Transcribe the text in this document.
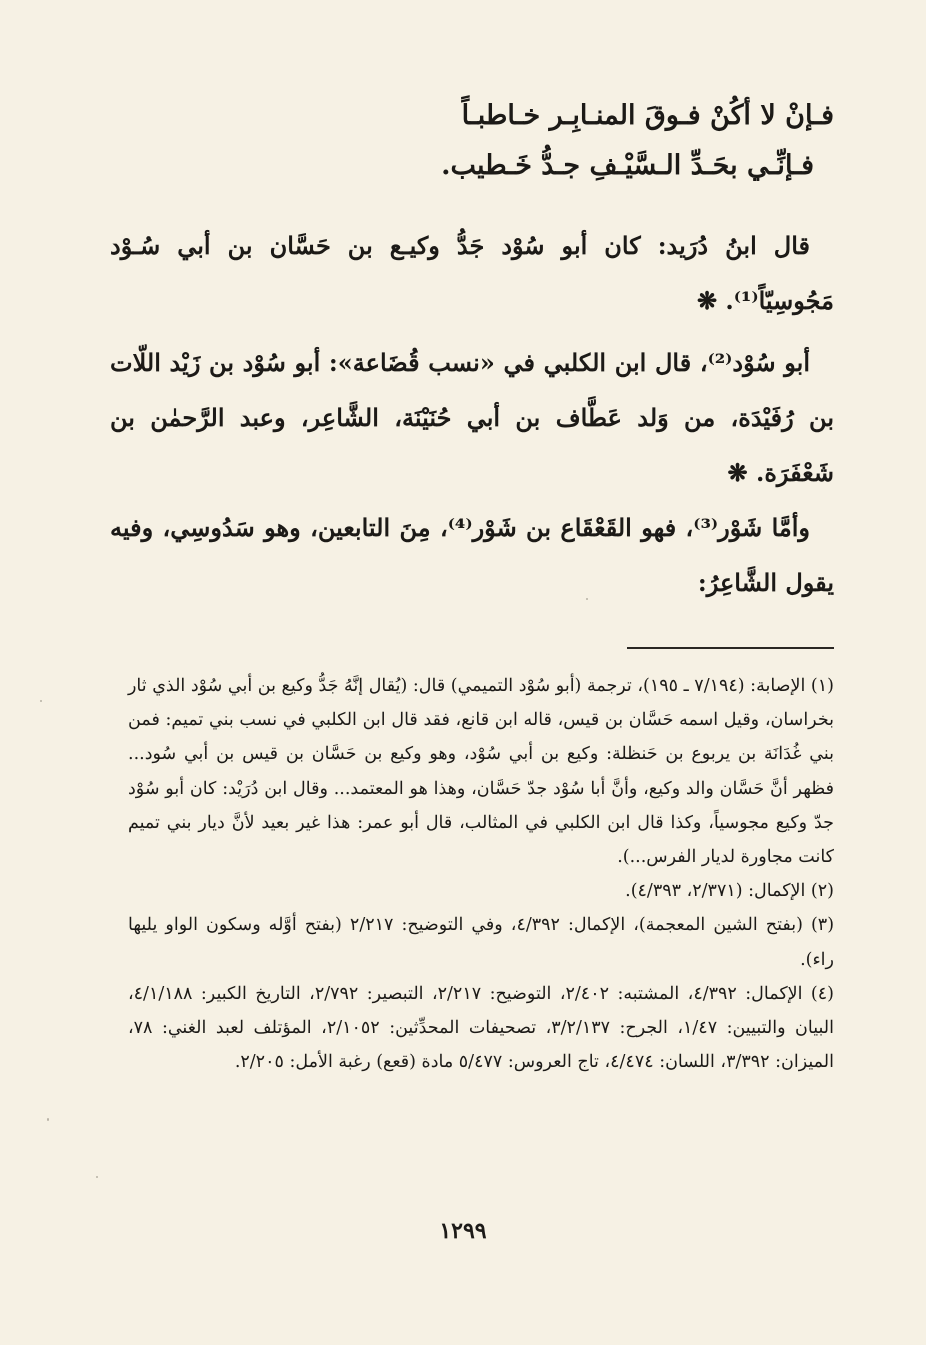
فـإنْ لا أكُنْ فـوقَ المنـابِـر خـاطبـاً
فـإنِّـي بحَـدِّ الـسَّيْـفِ جـدُّ خَـطيب.
قال ابنُ دُرَيد: كان أبو سُوْد جَدُّ وكيـع بن حَسَّان بن أبي سُـوْد مَجُوسِيّاً⁽¹⁾. ❋
أبو سُوْد⁽²⁾، قال ابن الكلبي في «نسب قُضَاعة»: أبو سُوْد بن زَيْد اللّات بن رُفَيْدَة، من وَلد عَطَّاف بن أبي حُنَيْنَة، الشَّاعِر، وعبد الرَّحمٰن بن شَعْفَرَة. ❋
وأمَّا شَوْر⁽³⁾، فهو القَعْقَاع بن شَوْر⁽⁴⁾، مِنَ التابعين، وهو سَدُوسِي، وفيه يقول الشَّاعِرُ:

(١) الإصابة: (٧/١٩٤ ـ ١٩٥)، ترجمة (أبو سُوْد التميمي) قال: (يُقال إنَّهُ جَدُّ وكيع بن أبي سُوْد الذي ثار بخراسان، وقيل اسمه حَسَّان بن قيس، قاله ابن قانع، فقد قال ابن الكلبي في نسب بني تميم: فمن بني غُدَانَة بن يربوع بن حَنظلة: وكيع بن أبي سُوْد، وهو وكيع بن حَسَّان بن قيس بن أبي سُود... فظهر أنَّ حَسَّان والد وكيع، وأنَّ أبا سُوْد جدّ حَسَّان، وهذا هو المعتمد... وقال ابن دُرَيْد: كان أبو سُوْد جدّ وكيع مجوسياً، وكذا قال ابن الكلبي في المثالب، قال أبو عمر: هذا غير بعيد لأنَّ ديار بني تميم كانت مجاورة لديار الفرس...).

(٢) الإكمال: (٢/٣٧١، ٤/٣٩٣).

(٣) (بفتح الشين المعجمة)، الإكمال: ٤/٣٩٢، وفي التوضيح: ٢/٢١٧ (بفتح أوَّله وسكون الواو يليها راء).

(٤) الإكمال: ٤/٣٩٢، المشتبه: ٢/٤٠٢، التوضيح: ٢/٢١٧، التبصير: ٢/٧٩٢، التاريخ الكبير: ٤/١/١٨٨، البيان والتبيين: ١/٤٧، الجرح: ٣/٢/١٣٧، تصحيفات المحدِّثين: ٢/١٠٥٢، المؤتلف لعبد الغني: ٧٨، الميزان: ٣/٣٩٢، اللسان: ٤/٤٧٤، تاج العروس: ٥/٤٧٧ مادة (قعع) رغبة الأمل: ٢/٢٠٥.

١٢٩٩
